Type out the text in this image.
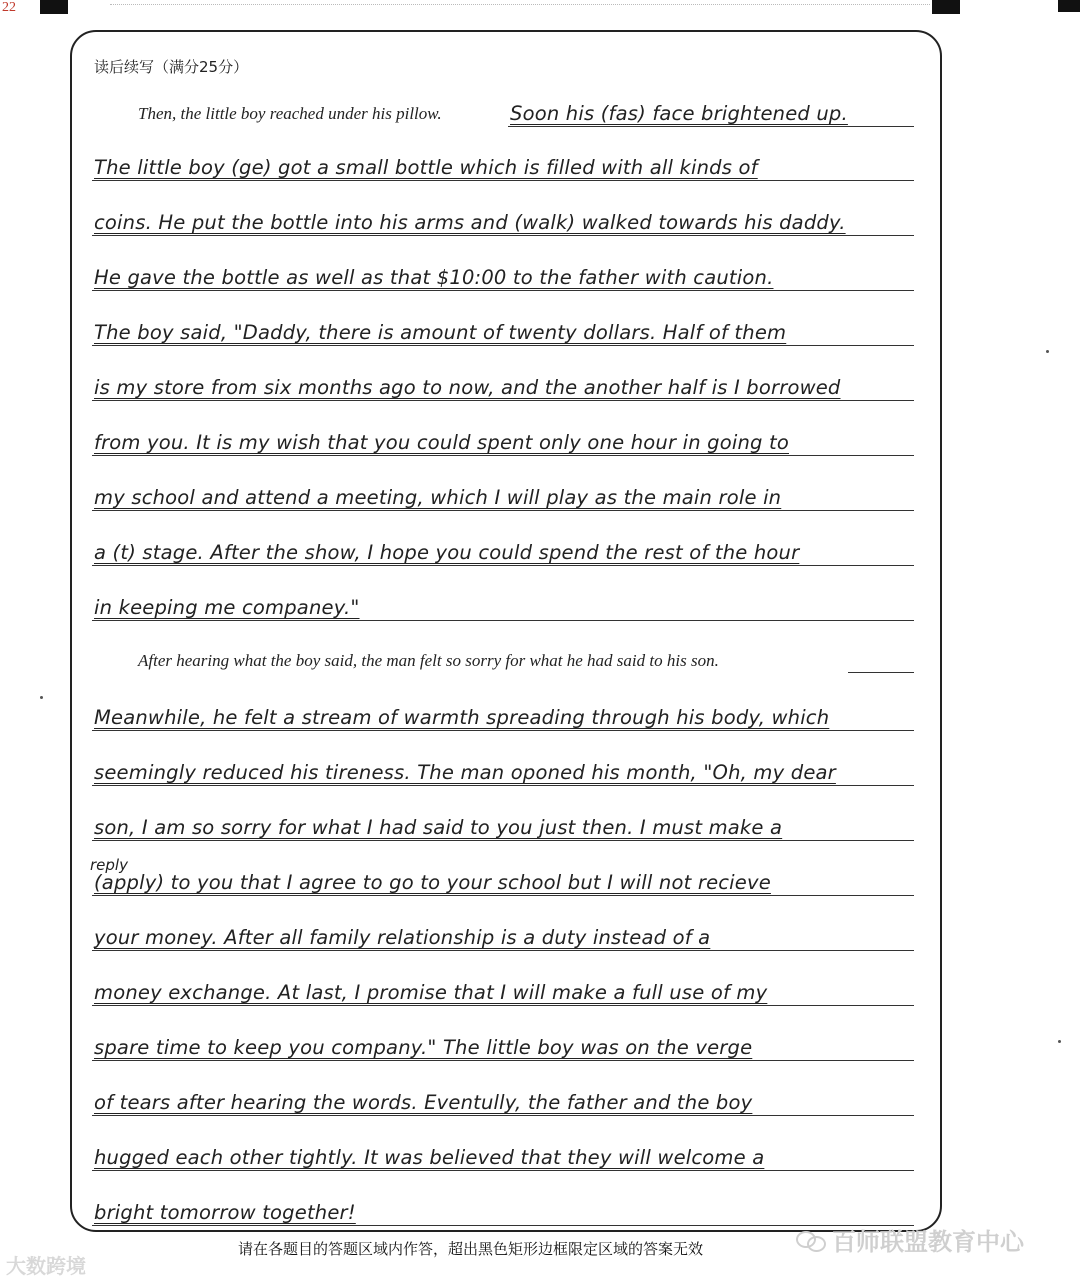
22
读后续写（满分25分）
Then, the little boy reached under his pillow.	Soon his (fas) face brightened up.
The little boy (ge) got a small bottle which is filled with all kinds of
coins. He put the bottle into his arms and (walk) walked towards his daddy.
He gave the bottle as well as that $10:00 to the father with caution.
The boy said, "Daddy, there is amount of twenty dollars. Half of them
is my store from six months ago to now, and the another half is I borrowed
from you. It is my wish that you could spent only one hour in going to
my school and attend a meeting, which I will play as the main role in
a (t) stage. After the show, I hope you could spend the rest of the hour
in keeping me companey."
After hearing what the boy said, the man felt so sorry for what he had said to his son.
Meanwhile, he felt a stream of warmth spreading through his body, which
seemingly reduced his tireness. The man oponed his month, "Oh, my dear
son, I am so sorry for what I had said to you just then. I must make a
(apply) to you that I agree to go to your school but I will not recieve
your money. After all family relationship is a duty instead of a
money exchange. At last, I promise that I will make a full use of my
spare time to keep you company." The little boy was on the verge
of tears after hearing the words. Eventully, the father and the boy
hugged each other tightly. It was believed that they will welcome a
bright tomorrow together!
reply
请在各题目的答题区域内作答，超出黑色矩形边框限定区域的答案无效
大数跨境
百师联盟教育中心
